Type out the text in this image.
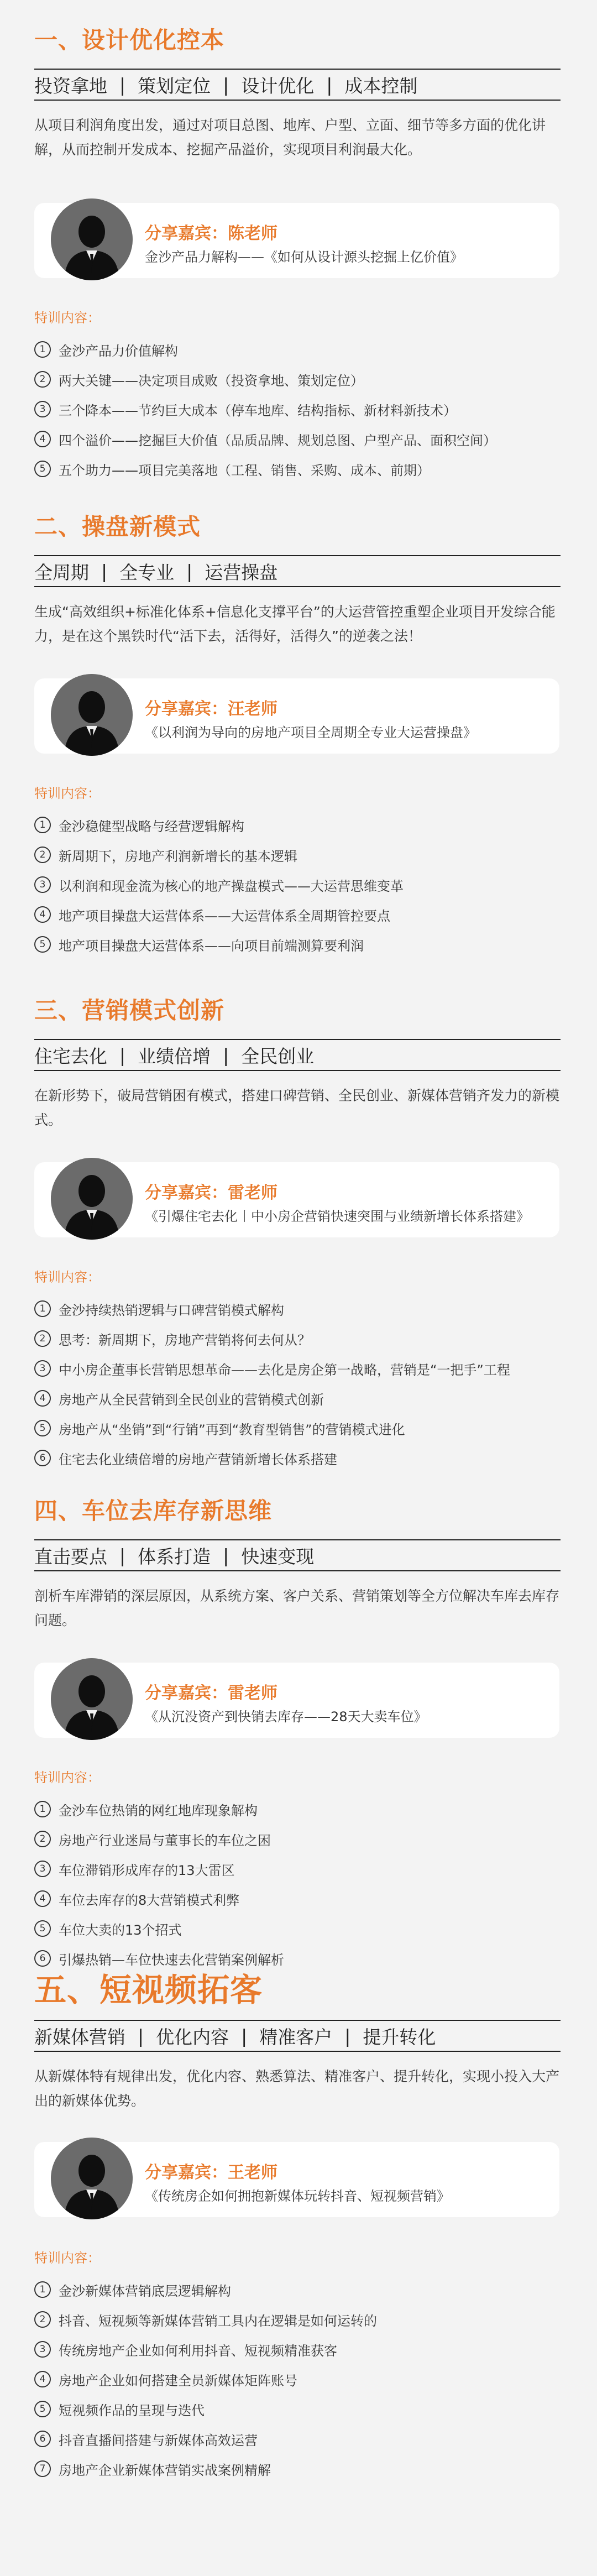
一、设计优化控本
投资拿地 | 策划定位 | 设计优化 | 成本控制
从项目利润角度出发，通过对项目总图、地库、户型、立面、细节等多方面的优化讲解，从而控制开发成本、挖掘产品溢价，实现项目利润最大化。
分享嘉宾：陈老师
金沙产品力解构——《如何从设计源头挖掘上亿价值》
特训内容：
1 金沙产品力价值解构
2 两大关键——决定项目成败（投资拿地、策划定位）
3 三个降本——节约巨大成本（停车地库、结构指标、新材料新技术）
4 四个溢价——挖掘巨大价值（品质品牌、规划总图、户型产品、面积空间）
5 五个助力——项目完美落地（工程、销售、采购、成本、前期）
二、操盘新模式
全周期 | 全专业 | 运营操盘
生成“高效组织+标准化体系+信息化支撑平台”的大运营管控重塑企业项目开发综合能力，是在这个黑铁时代“活下去，活得好，活得久”的逆袭之法！
分享嘉宾：汪老师
《以利润为导向的房地产项目全周期全专业大运营操盘》
特训内容：
1 金沙稳健型战略与经营逻辑解构
2 新周期下，房地产利润新增长的基本逻辑
3 以利润和现金流为核心的地产操盘模式——大运营思维变革
4 地产项目操盘大运营体系——大运营体系全周期管控要点
5 地产项目操盘大运营体系——向项目前端测算要利润
三、营销模式创新
住宅去化 | 业绩倍增 | 全民创业
在新形势下，破局营销困有模式，搭建口碑营销、全民创业、新媒体营销齐发力的新模式。
分享嘉宾：雷老师
《引爆住宅去化丨中小房企营销快速突围与业绩新增长体系搭建》
特训内容：
1 金沙持续热销逻辑与口碑营销模式解构
2 思考：新周期下，房地产营销将何去何从？
3 中小房企董事长营销思想革命——去化是房企第一战略，营销是“一把手”工程
4 房地产从全民营销到全民创业的营销模式创新
5 房地产从“坐销”到“行销”再到“教育型销售”的营销模式进化
6 住宅去化业绩倍增的房地产营销新增长体系搭建
四、车位去库存新思维
直击要点 | 体系打造 | 快速变现
剖析车库滞销的深层原因，从系统方案、客户关系、营销策划等全方位解决车库去库存问题。
分享嘉宾：雷老师
《从沉没资产到快销去库存——28天大卖车位》
特训内容：
1 金沙车位热销的网红地库现象解构
2 房地产行业迷局与董事长的车位之困
3 车位滞销形成库存的13大雷区
4 车位去库存的8大营销模式利弊
5 车位大卖的13个招式
6 引爆热销—车位快速去化营销案例解析
五、短视频拓客
新媒体营销 | 优化内容 | 精准客户 | 提升转化
从新媒体特有规律出发，优化内容、熟悉算法、精准客户、提升转化，实现小投入大产出的新媒体优势。
分享嘉宾：王老师
《传统房企如何拥抱新媒体玩转抖音、短视频营销》
特训内容：
1 金沙新媒体营销底层逻辑解构
2 抖音、短视频等新媒体营销工具内在逻辑是如何运转的
3 传统房地产企业如何利用抖音、短视频精准获客
4 房地产企业如何搭建全员新媒体矩阵账号
5 短视频作品的呈现与迭代
6 抖音直播间搭建与新媒体高效运营
7 房地产企业新媒体营销实战案例精解
